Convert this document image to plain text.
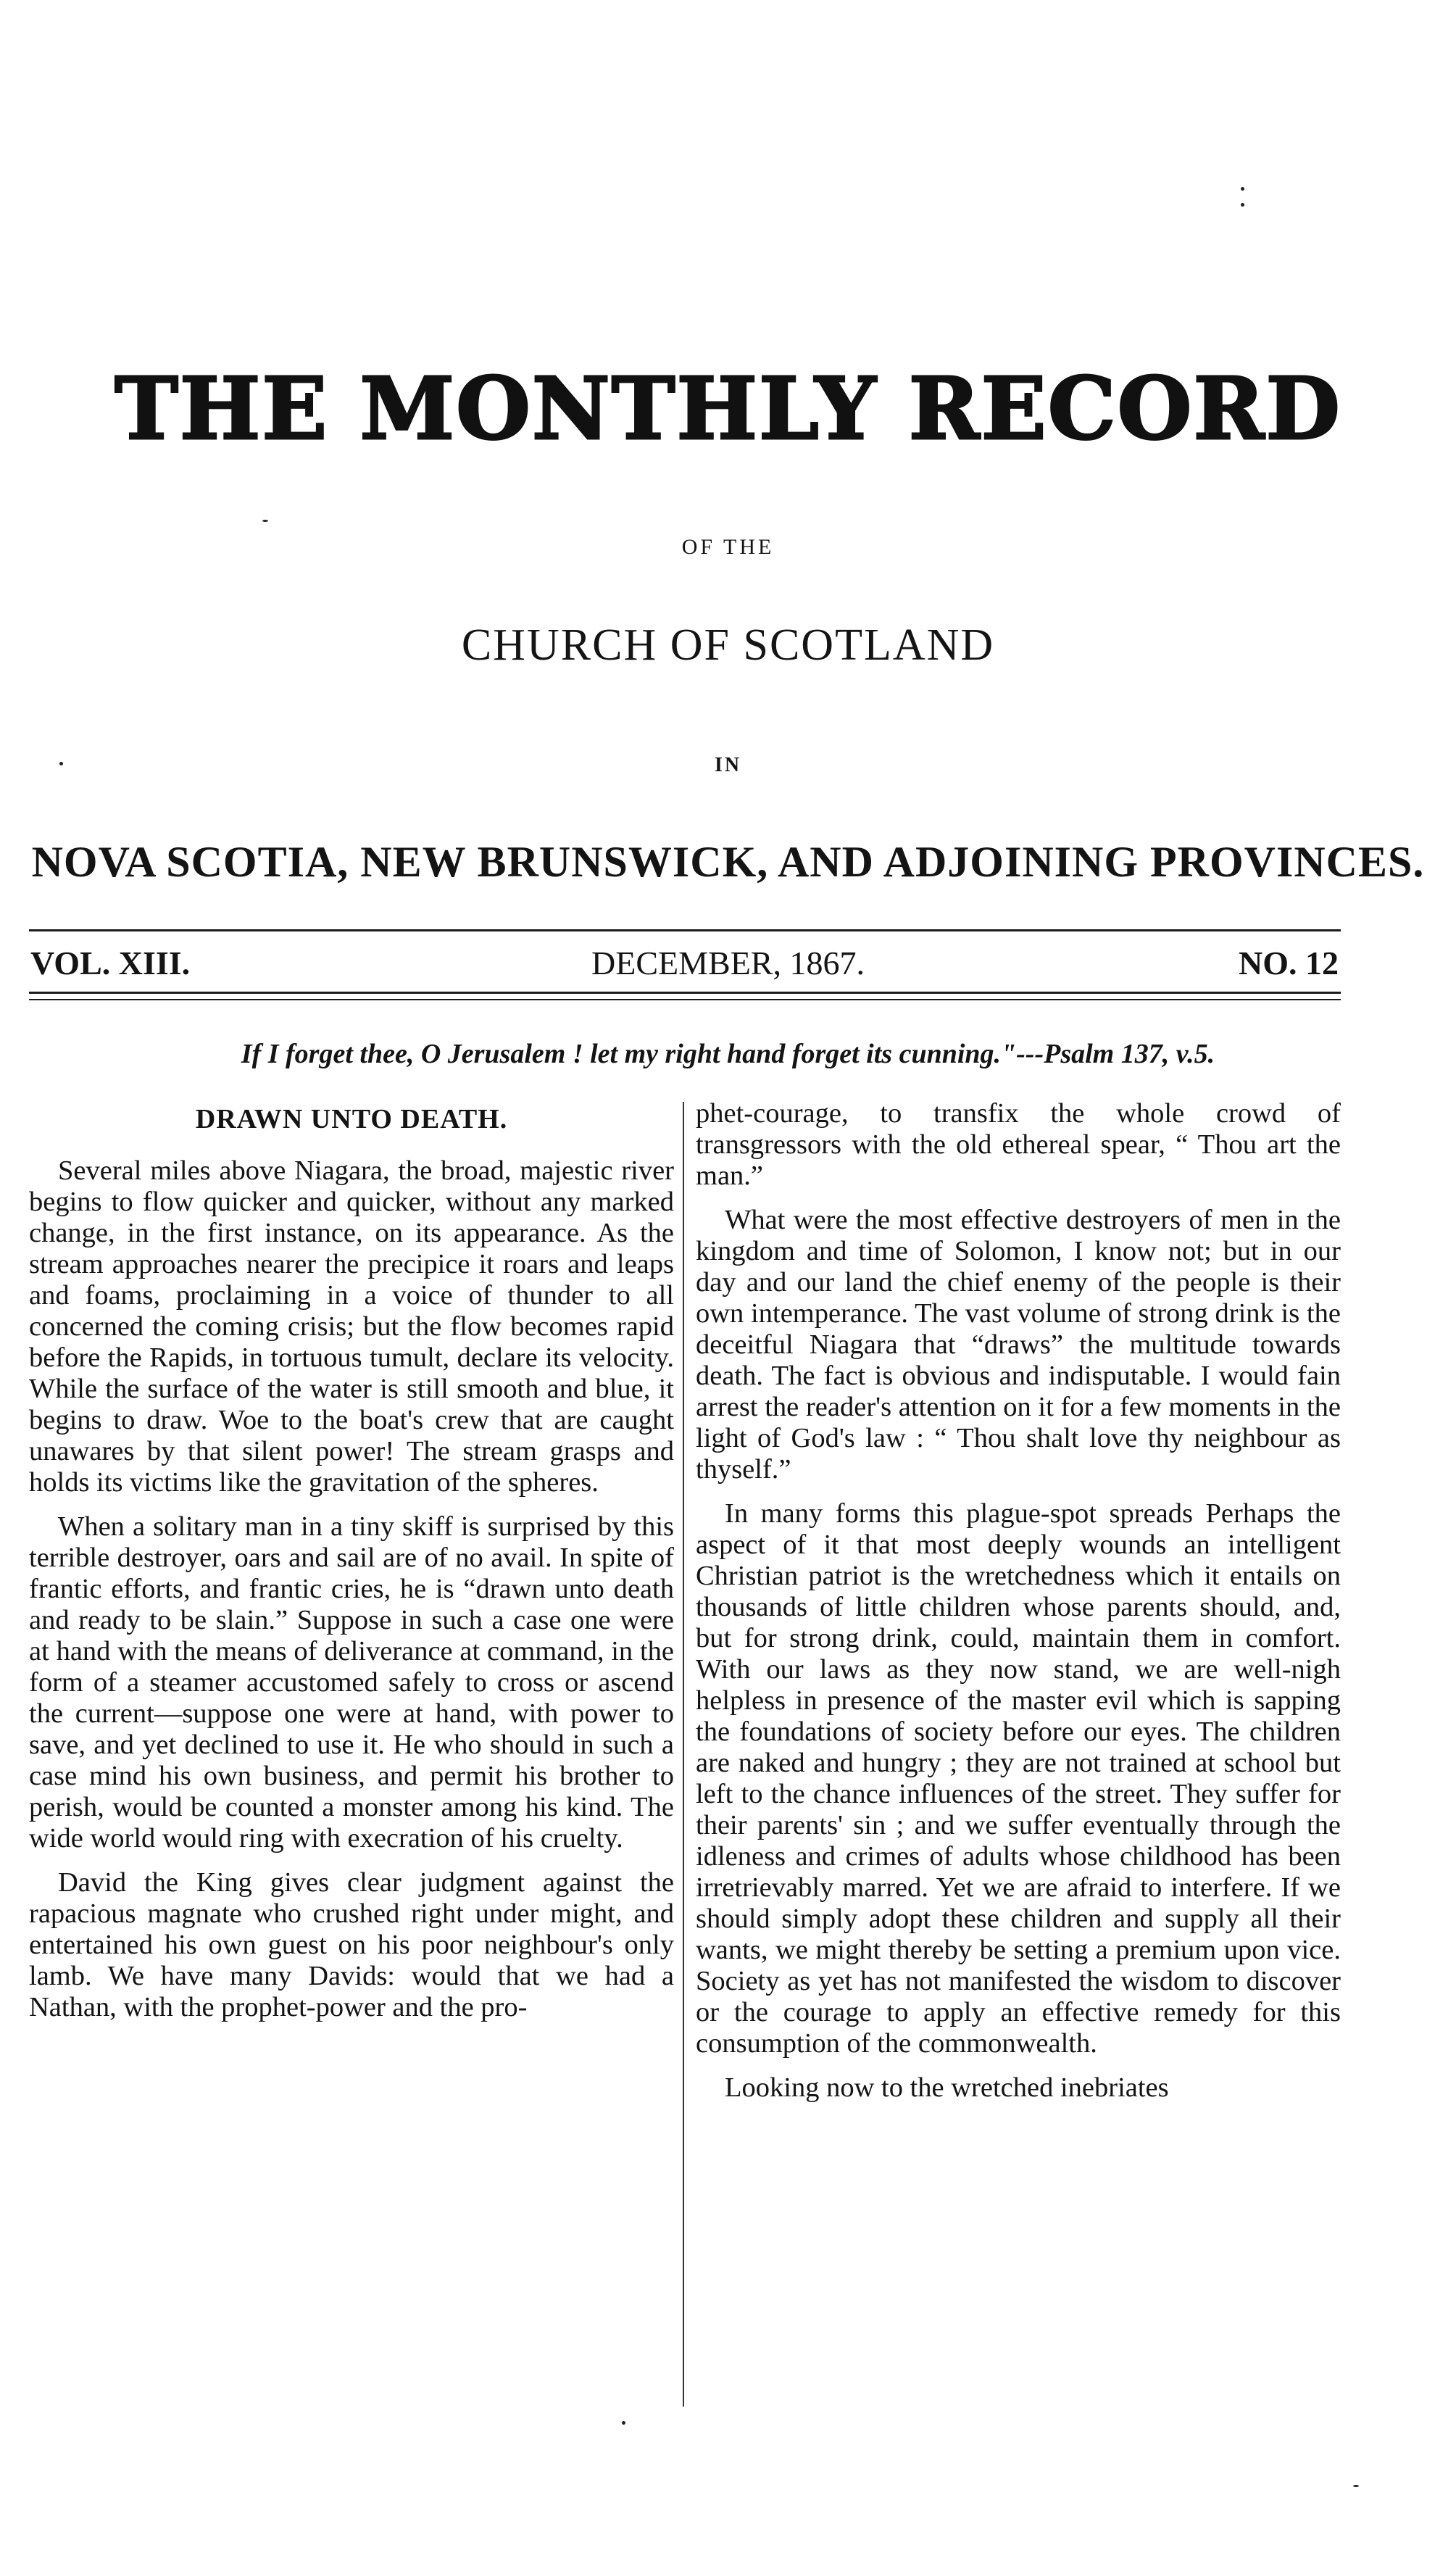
THE MONTHLY RECORD
OF THE
CHURCH OF SCOTLAND
IN
NOVA SCOTIA, NEW BRUNSWICK, AND ADJOINING PROVINCES.
VOL. XIII.	DECEMBER, 1867.	NO. 12
If I forget thee, O Jerusalem ! let my right hand forget its cunning."---Psalm 137, v.5.
DRAWN UNTO DEATH.

Several miles above Niagara, the broad, majestic river begins to flow quicker and quicker, without any marked change, in the first instance, on its appearance. As the stream approaches nearer the precipice it roars and leaps and foams, proclaiming in a voice of thunder to all concerned the coming crisis; but the flow becomes rapid before the Rapids, in tortuous tumult, declare its velocity. While the surface of the water is still smooth and blue, it begins to draw. Woe to the boat's crew that are caught unawares by that silent power! The stream grasps and holds its victims like the gravitation of the spheres.

When a solitary man in a tiny skiff is surprised by this terrible destroyer, oars and sail are of no avail. In spite of frantic efforts, and frantic cries, he is “drawn unto death and ready to be slain.” Suppose in such a case one were at hand with the means of deliverance at command, in the form of a steamer accustomed safely to cross or ascend the current—suppose one were at hand, with power to save, and yet declined to use it. He who should in such a case mind his own business, and permit his brother to perish, would be counted a monster among his kind. The wide world would ring with execration of his cruelty.

David the King gives clear judgment against the rapacious magnate who crushed right under might, and entertained his own guest on his poor neighbour's only lamb. We have many Davids: would that we had a Nathan, with the prophet-power and the pro-

phet-courage, to transfix the whole crowd of transgressors with the old ethereal spear, “ Thou art the man.”

What were the most effective destroyers of men in the kingdom and time of Solomon, I know not; but in our day and our land the chief enemy of the people is their own intemperance. The vast volume of strong drink is the deceitful Niagara that “draws” the multitude towards death. The fact is obvious and indisputable. I would fain arrest the reader's attention on it for a few moments in the light of God's law : “ Thou shalt love thy neighbour as thyself.”

In many forms this plague-spot spreads Perhaps the aspect of it that most deeply wounds an intelligent Christian patriot is the wretchedness which it entails on thousands of little children whose parents should, and, but for strong drink, could, maintain them in comfort. With our laws as they now stand, we are well-nigh helpless in presence of the master evil which is sapping the foundations of society before our eyes. The children are naked and hungry ; they are not trained at school but left to the chance influences of the street. They suffer for their parents' sin ; and we suffer eventually through the idleness and crimes of adults whose childhood has been irretrievably marred. Yet we are afraid to interfere. If we should simply adopt these children and supply all their wants, we might thereby be setting a premium upon vice. Society as yet has not manifested the wisdom to discover or the courage to apply an effective remedy for this consumption of the commonwealth.

Looking now to the wretched inebriates
